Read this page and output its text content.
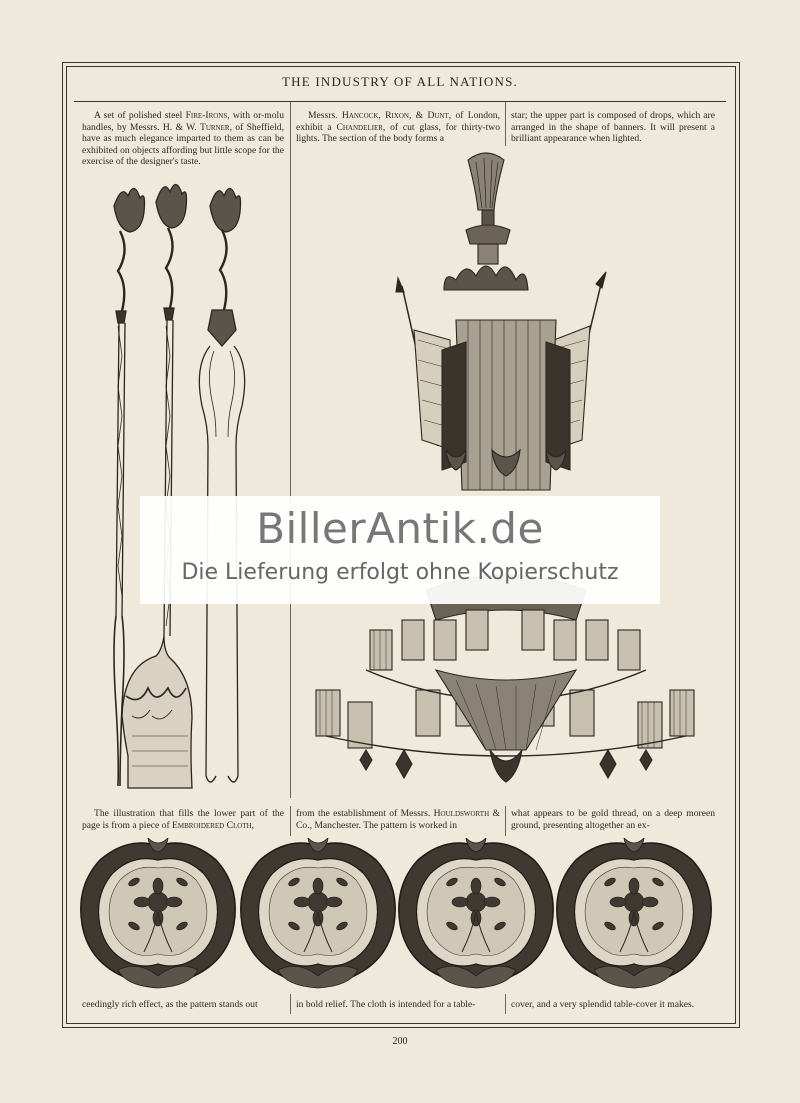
THE INDUSTRY OF ALL NATIONS.
A set of polished steel Fire-Irons, with or-molu handles, by Messrs. H. & W. Turner, of Sheffield, have as much elegance imparted to them as can be exhibited on objects affording but little scope for the exercise of the designer's taste.
Messrs. Hancock, Rixon, & Dunt, of London, exhibit a Chandelier, of cut glass, for thirty-two lights. The section of the body forms a
star; the upper part is composed of drops, which are arranged in the shape of banners. It will present a brilliant appearance when lighted.
The illustration that fills the lower part of the page is from a piece of Embroidered Cloth,
from the establishment of Messrs. Houldsworth & Co., Manchester. The pattern is worked in
what appears to be gold thread, on a deep moreen ground, presenting altogether an ex-
ceedingly rich effect, as the pattern stands out	in bold relief. The cloth is intended for a table-	cover, and a very splendid table-cover it makes.
200
BillerAntik.de
Die Lieferung erfolgt ohne Kopierschutz
